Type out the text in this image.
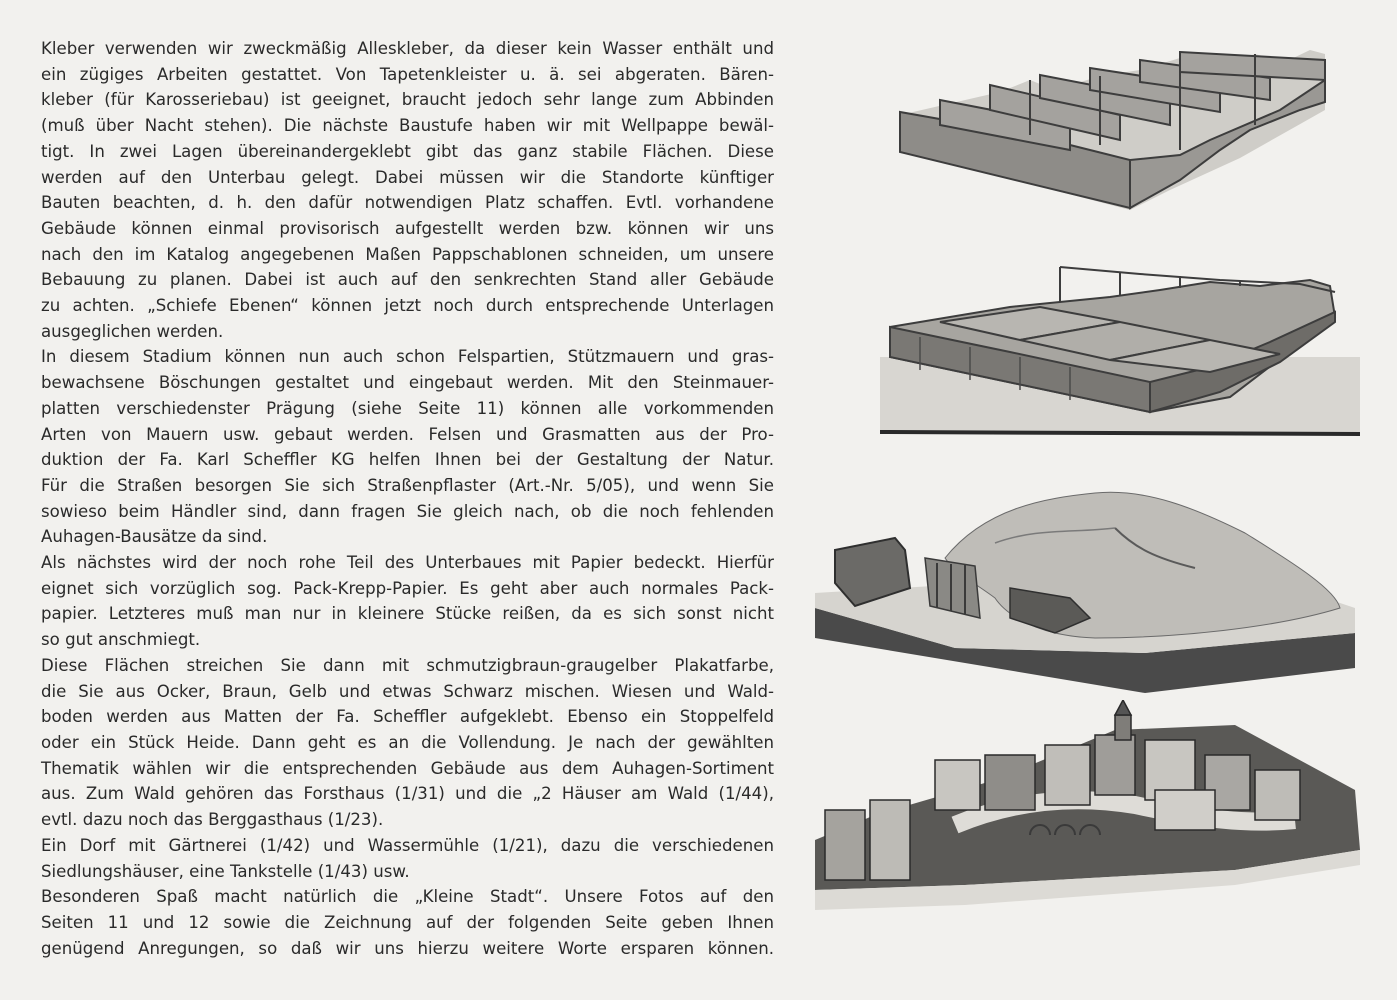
Kleber verwenden wir zweckmäßig Alleskleber, da dieser kein Wasser enthält und
ein zügiges Arbeiten gestattet. Von Tapetenkleister u. ä. sei abgeraten. Bären-
kleber (für Karosseriebau) ist geeignet, braucht jedoch sehr lange zum Abbinden
(muß über Nacht stehen). Die nächste Baustufe haben wir mit Wellpappe bewäl-
tigt. In zwei Lagen übereinandergeklebt gibt das ganz stabile Flächen. Diese
werden auf den Unterbau gelegt. Dabei müssen wir die Standorte künftiger
Bauten beachten, d. h. den dafür notwendigen Platz schaffen. Evtl. vorhandene
Gebäude können einmal provisorisch aufgestellt werden bzw. können wir uns
nach den im Katalog angegebenen Maßen Pappschablonen schneiden, um unsere
Bebauung zu planen. Dabei ist auch auf den senkrechten Stand aller Gebäude
zu achten. „Schiefe Ebenen“ können jetzt noch durch entsprechende Unterlagen
ausgeglichen werden.

In diesem Stadium können nun auch schon Felspartien, Stützmauern und gras-
bewachsene Böschungen gestaltet und eingebaut werden. Mit den Steinmauer-
platten verschiedenster Prägung (siehe Seite 11) können alle vorkommenden
Arten von Mauern usw. gebaut werden. Felsen und Grasmatten aus der Pro-
duktion der Fa. Karl Scheffler KG helfen Ihnen bei der Gestaltung der Natur.
Für die Straßen besorgen Sie sich Straßenpflaster (Art.-Nr. 5/05), und wenn Sie
sowieso beim Händler sind, dann fragen Sie gleich nach, ob die noch fehlenden
Auhagen-Bausätze da sind.

Als nächstes wird der noch rohe Teil des Unterbaues mit Papier bedeckt. Hierfür
eignet sich vorzüglich sog. Pack-Krepp-Papier. Es geht aber auch normales Pack-
papier. Letzteres muß man nur in kleinere Stücke reißen, da es sich sonst nicht
so gut anschmiegt.

Diese Flächen streichen Sie dann mit schmutzigbraun-graugelber Plakatfarbe,
die Sie aus Ocker, Braun, Gelb und etwas Schwarz mischen. Wiesen und Wald-
boden werden aus Matten der Fa. Scheffler aufgeklebt. Ebenso ein Stoppelfeld
oder ein Stück Heide. Dann geht es an die Vollendung. Je nach der gewählten
Thematik wählen wir die entsprechenden Gebäude aus dem Auhagen-Sortiment
aus. Zum Wald gehören das Forsthaus (1/31) und die „2 Häuser am Wald (1/44),
evtl. dazu noch das Berggasthaus (1/23).

Ein Dorf mit Gärtnerei (1/42) und Wassermühle (1/21), dazu die verschiedenen
Siedlungshäuser, eine Tankstelle (1/43) usw.

Besonderen Spaß macht natürlich die „Kleine Stadt“. Unsere Fotos auf den
Seiten 11 und 12 sowie die Zeichnung auf der folgenden Seite geben Ihnen
genügend Anregungen, so daß wir uns hierzu weitere Worte ersparen können.
